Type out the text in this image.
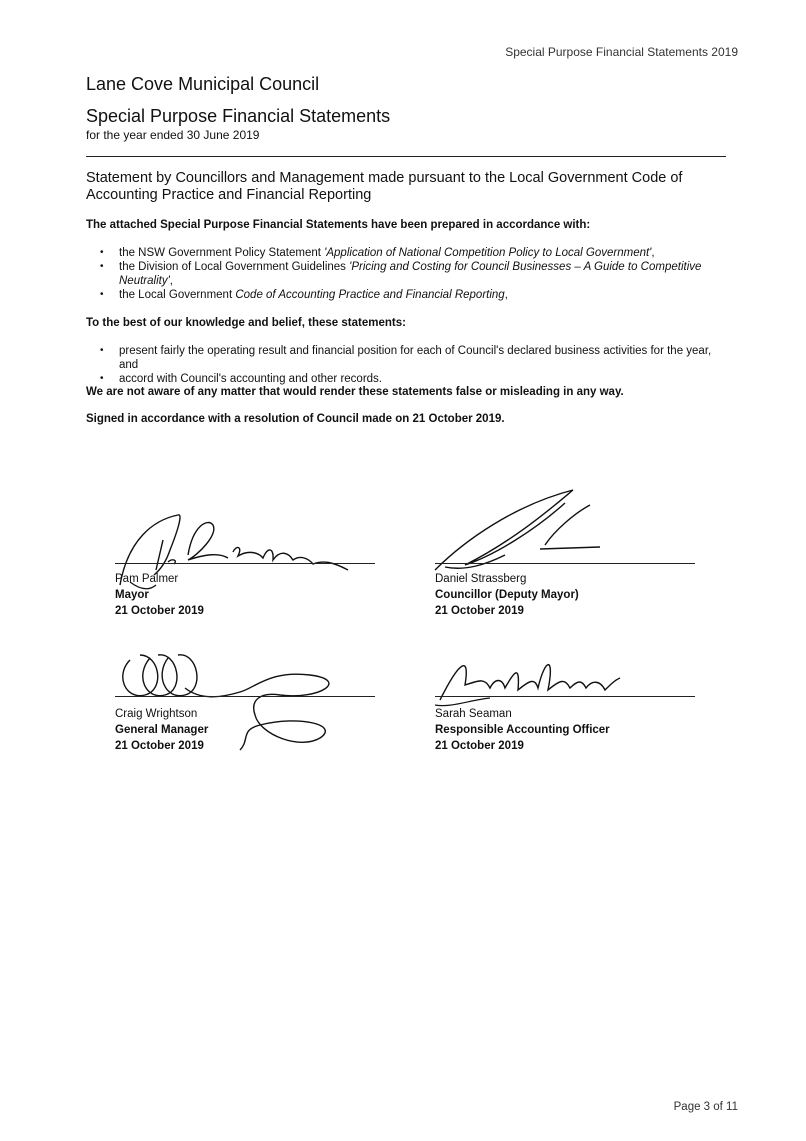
Special Purpose Financial Statements 2019
Lane Cove Municipal Council
Special Purpose Financial Statements
for the year ended 30 June 2019
Statement by Councillors and Management made pursuant to the Local Government Code of Accounting Practice and Financial Reporting
The attached Special Purpose Financial Statements have been prepared in accordance with:
• the NSW Government Policy Statement 'Application of National Competition Policy to Local Government',
• the Division of Local Government Guidelines 'Pricing and Costing for Council Businesses – A Guide to Competitive Neutrality',
• the Local Government Code of Accounting Practice and Financial Reporting,
To the best of our knowledge and belief, these statements:
• present fairly the operating result and financial position for each of Council's declared business activities for the year, and
• accord with Council's accounting and other records.
We are not aware of any matter that would render these statements false or misleading in any way.
Signed in accordance with a resolution of Council made on 21 October 2019.
Pam Palmer
Mayor
21 October 2019
Daniel Strassberg
Councillor (Deputy Mayor)
21 October 2019
Craig Wrightson
General Manager
21 October 2019
Sarah Seaman
Responsible Accounting Officer
21 October 2019
Page 3 of 11
